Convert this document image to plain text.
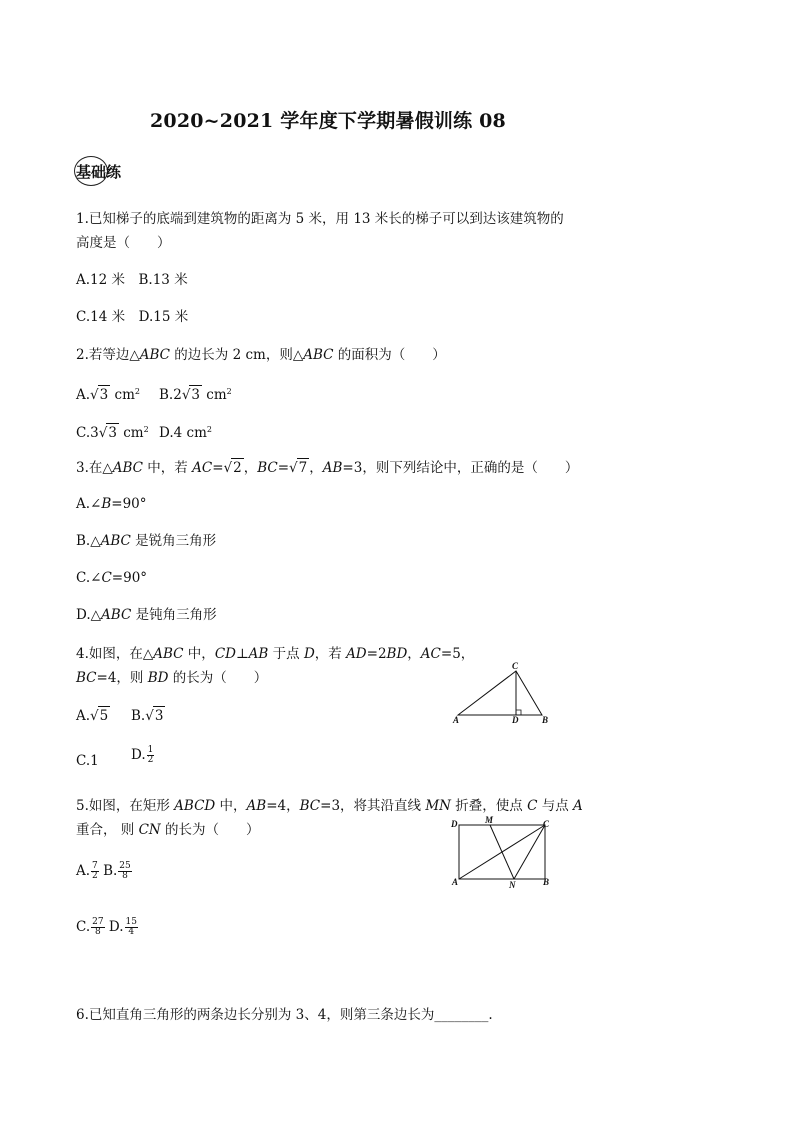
2020~2021 学年度下学期暑假训练 08
基础练
1.已知梯子的底端到建筑物的距离为 5 米，用 13 米长的梯子可以到达该建筑物的
高度是（　　）
A.12 米　B.13 米
C.14 米　D.15 米
2.若等边△ABC 的边长为 2 cm，则△ABC 的面积为（　　）
A.√3 $cm^2$ B.2√3 $cm^2$
C.3√3 $cm^2$ D.4 $cm^2$
3.在△ABC 中，若 AC=√2 ，BC=√7 ，AB=3，则下列结论中，正确的是（　　）
A.∠B=90°
B.△ABC 是锐角三角形
C.∠C=90°
D.△ABC 是钝角三角形
4.如图，在△ABC 中，CD⊥AB 于点 D，若 AD=2BD，AC=5，
BC=4，则 BD 的长为（　　）
A.√5 B.√3
C.1 D. $\frac{1}{2}$
C
A	D	B
5.如图，在矩形 ABCD 中，AB=4，BC=3，将其沿直线 MN 折叠，使点 C 与点 A
重合， 则 CN 的长为（　　）
A. $\frac{7}{2} B$. $\frac{25}{8}$
C. $\frac{27}{8} D$. $\frac{15}{4}$
D	M	C
A	N	B
6.已知直角三角形的两条边长分别为 3、4，则第三条边长为________.
